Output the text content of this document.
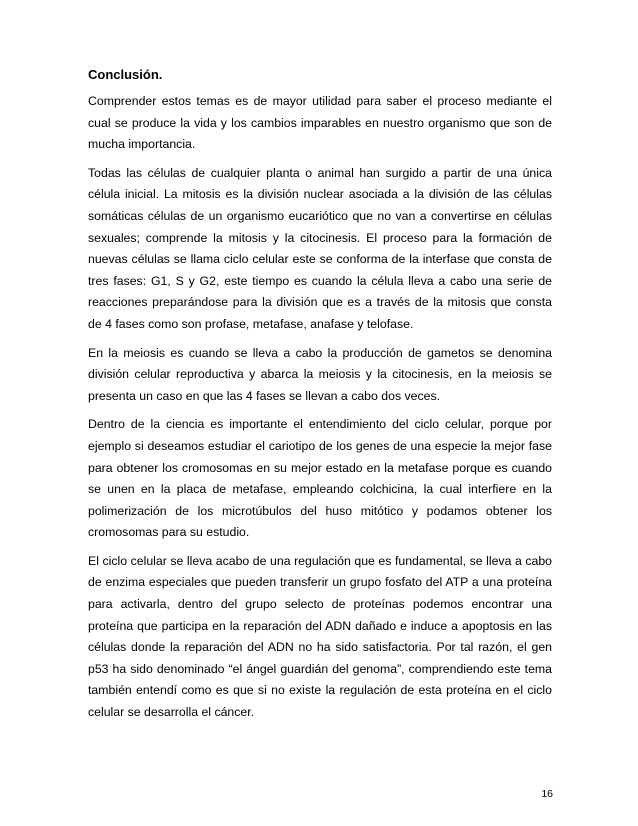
Conclusión.

Comprender estos temas es de mayor utilidad para saber el proceso mediante el cual se produce la vida y los cambios imparables en nuestro organismo que son de mucha importancia.

Todas las células de cualquier planta o animal han surgido a partir de una única célula inicial. La mitosis es la división nuclear asociada a la división de las células somáticas células de un organismo eucariótico que no van a convertirse en células sexuales; comprende la mitosis y la citocinesis. El proceso para la formación de nuevas células se llama ciclo celular este se conforma de la interfase que consta de tres fases: G1, S y G2, este tiempo es cuando la célula lleva a cabo una serie de reacciones preparándose para la división que es a través de la mitosis que consta de 4 fases como son profase, metafase, anafase y telofase.

En la meiosis es cuando se lleva a cabo la producción de gametos se denomina división celular reproductiva y abarca la meiosis y la citocinesis, en la meiosis se presenta un caso en que las 4 fases se llevan a cabo dos veces.

Dentro de la ciencia es importante el entendimiento del ciclo celular, porque por ejemplo si deseamos estudiar el cariotipo de los genes de una especie la mejor fase para obtener los cromosomas en su mejor estado en la metafase porque es cuando se unen en la placa de metafase, empleando colchicina, la cual interfiere en la polimerización de los microtúbulos del huso mitótico y podamos obtener los cromosomas para su estudio.

El ciclo celular se lleva acabo de una regulación que es fundamental, se lleva a cabo de enzima especiales que pueden transferir un grupo fosfato del ATP a una proteína para activarla, dentro del grupo selecto de proteínas podemos encontrar una proteína que participa en la reparación del ADN dañado e induce a apoptosis en las células donde la reparación del ADN no ha sido satisfactoria. Por tal razón, el gen p53 ha sido denominado “el ángel guardián del genoma”, comprendiendo este tema también entendí como es que si no existe la regulación de esta proteína en el ciclo celular se desarrolla el cáncer.

16
